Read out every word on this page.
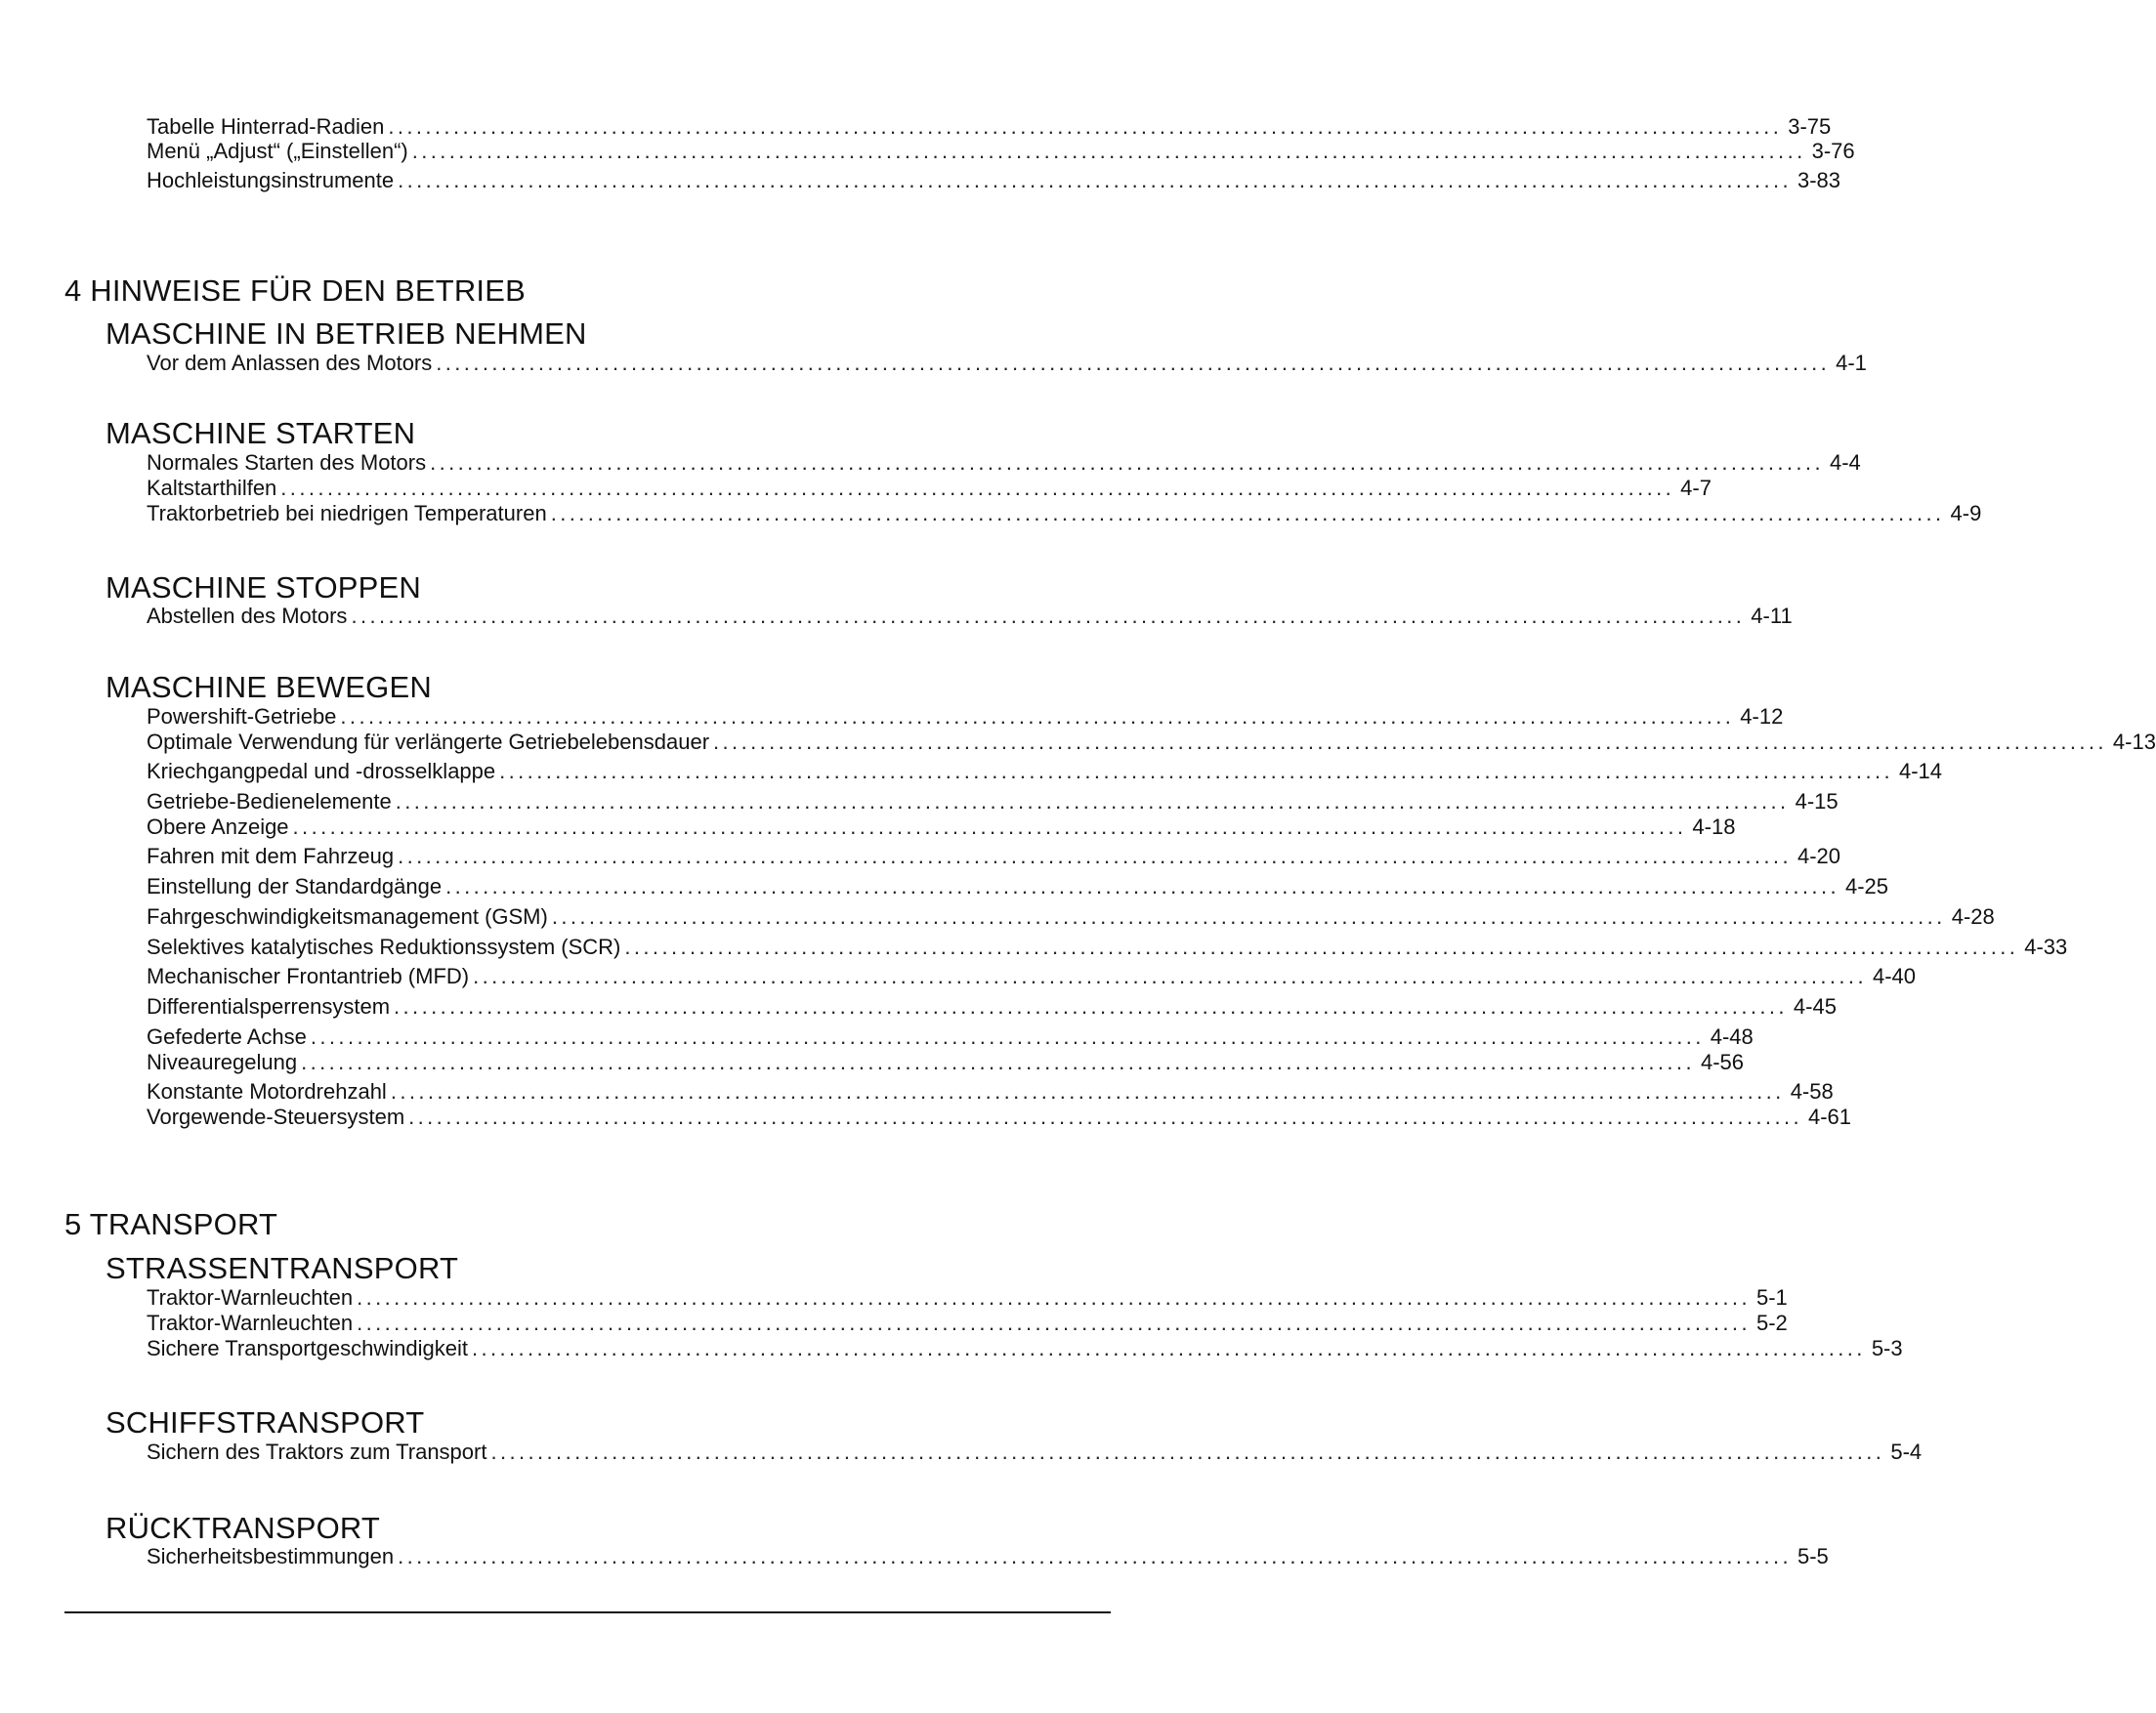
Tabelle Hinterrad-Radien ...................................................................................................................................................... 3-75
Menü „Adjust“ („Einstellen“) ...................................................................................................................................................... 3-76
Hochleistungsinstrumente ...................................................................................................................................................... 3-83
4 HINWEISE FÜR DEN BETRIEB
MASCHINE IN BETRIEB NEHMEN
Vor dem Anlassen des Motors ...................................................................................................................................................... 4-1
MASCHINE STARTEN
Normales Starten des Motors ...................................................................................................................................................... 4-4
Kaltstarthilfen ...................................................................................................................................................... 4-7
Traktorbetrieb bei niedrigen Temperaturen ...................................................................................................................................................... 4-9
MASCHINE STOPPEN
Abstellen des Motors ...................................................................................................................................................... 4-11
MASCHINE BEWEGEN
Powershift-Getriebe ...................................................................................................................................................... 4-12
Optimale Verwendung für verlängerte Getriebelebensdauer ...................................................................................................................................................... 4-13
Kriechgangpedal und -drosselklappe ...................................................................................................................................................... 4-14
Getriebe-Bedienelemente ...................................................................................................................................................... 4-15
Obere Anzeige ...................................................................................................................................................... 4-18
Fahren mit dem Fahrzeug ...................................................................................................................................................... 4-20
Einstellung der Standardgänge ...................................................................................................................................................... 4-25
Fahrgeschwindigkeitsmanagement (GSM) ...................................................................................................................................................... 4-28
Selektives katalytisches Reduktionssystem (SCR) ...................................................................................................................................................... 4-33
Mechanischer Frontantrieb (MFD) ...................................................................................................................................................... 4-40
Differentialsperrensystem ...................................................................................................................................................... 4-45
Gefederte Achse ...................................................................................................................................................... 4-48
Niveauregelung ...................................................................................................................................................... 4-56
Konstante Motordrehzahl ...................................................................................................................................................... 4-58
Vorgewende-Steuersystem ...................................................................................................................................................... 4-61
5 TRANSPORT
STRASSENTRANSPORT
Traktor-Warnleuchten ...................................................................................................................................................... 5-1
Traktor-Warnleuchten ...................................................................................................................................................... 5-2
Sichere Transportgeschwindigkeit ...................................................................................................................................................... 5-3
SCHIFFSTRANSPORT
Sichern des Traktors zum Transport ...................................................................................................................................................... 5-4
RÜCKTRANSPORT
Sicherheitsbestimmungen ...................................................................................................................................................... 5-5
